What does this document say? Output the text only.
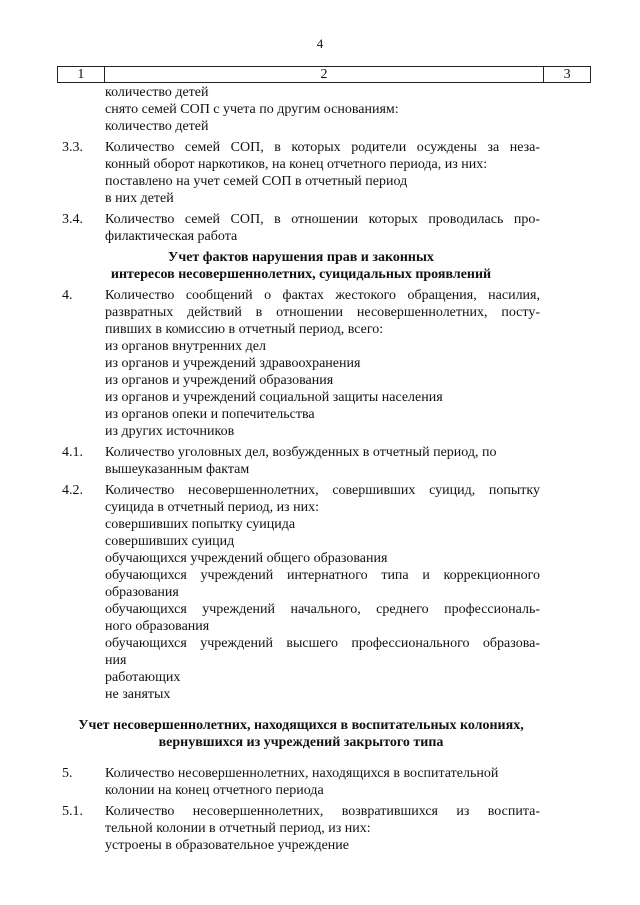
4
1	2	3
количество детей
снято семей СОП с учета по другим основаниям:
количество детей
3.3.	Количество семей СОП, в которых родители осуждены за неза-
конный оборот наркотиков, на конец отчетного периода, из них:
поставлено на учет семей СОП в отчетный период
в них детей
3.4.	Количество семей СОП, в отношении которых проводилась про-
филактическая работа
Учет фактов нарушения прав и законных
интересов несовершеннолетних, суицидальных проявлений
4.	Количество сообщений о фактах жестокого обращения, насилия,
развратных действий в отношении несовершеннолетних, посту-
пивших в комиссию в отчетный период, всего:
из органов внутренних дел
из органов и учреждений здравоохранения
из органов и учреждений образования
из органов и учреждений социальной защиты населения
из органов опеки и попечительства
из других источников
4.1.	Количество уголовных дел, возбужденных в отчетный период, по
вышеуказанным фактам
4.2.	Количество несовершеннолетних, совершивших суицид, попытку
суицида в отчетный период, из них:
совершивших попытку суицида
совершивших суицид
обучающихся учреждений общего образования
обучающихся учреждений интернатного типа и коррекционного
образования
обучающихся учреждений начального, среднего профессиональ-
ного образования
обучающихся учреждений высшего профессионального образова-
ния
работающих
не занятых
Учет несовершеннолетних, находящихся в воспитательных колониях,
вернувшихся из учреждений закрытого типа
5.	Количество несовершеннолетних, находящихся в воспитательной
колонии на конец отчетного периода
5.1.	Количество несовершеннолетних, возвратившихся из воспита-
тельной колонии в отчетный период, из них:
устроены в образовательное учреждение
